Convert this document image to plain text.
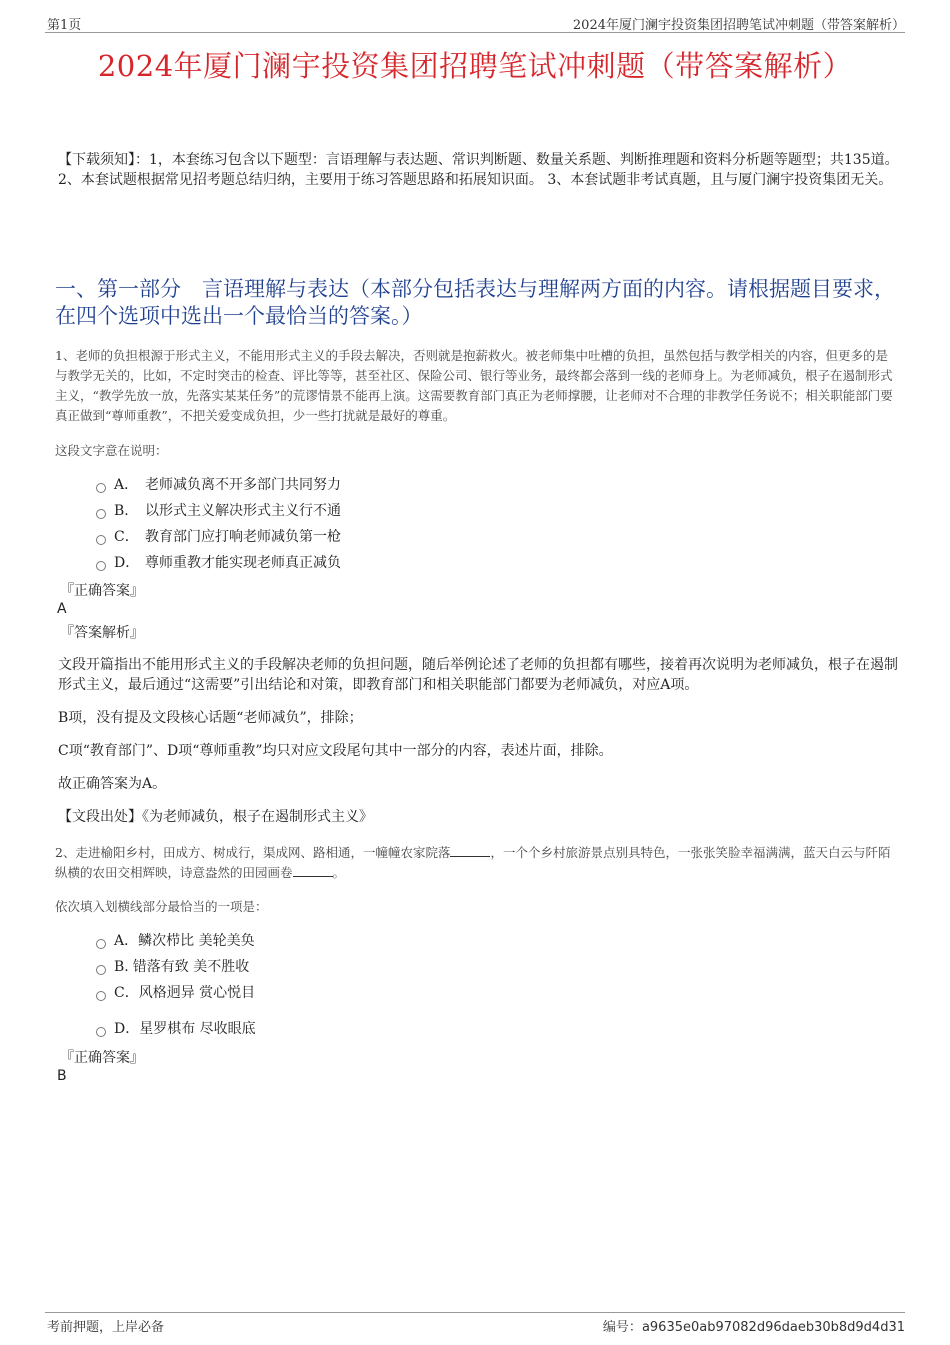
第1页	2024年厦门澜宇投资集团招聘笔试冲刺题（带答案解析）
2024年厦门澜宇投资集团招聘笔试冲刺题（带答案解析）
【下载须知】：1，本套练习包含以下题型：言语理解与表达题、常识判断题、数量关系题、判断推理题和资料分析题等题型；共135道。 2、本套试题根据常见招考题总结归纳，主要用于练习答题思路和拓展知识面。 3、本套试题非考试真题，且与厦门澜宇投资集团无关。
一、第一部分　言语理解与表达（本部分包括表达与理解两方面的内容。请根据题目要求，在四个选项中选出一个最恰当的答案。）
1、老师的负担根源于形式主义，不能用形式主义的手段去解决，否则就是抱薪救火。被老师集中吐槽的负担，虽然包括与教学相关的内容，但更多的是与教学无关的，比如，不定时突击的检查、评比等等，甚至社区、保险公司、银行等业务，最终都会落到一线的老师身上。为老师减负，根子在遏制形式主义，“教学先放一放，先落实某某任务”的荒谬情景不能再上演。这需要教育部门真正为老师撑腰，让老师对不合理的非教学任务说不；相关职能部门要真正做到“尊师重教”，不把关爱变成负担，少一些打扰就是最好的尊重。
这段文字意在说明：
A． 老师减负离不开多部门共同努力
B. 以形式主义解决形式主义行不通
C． 教育部门应打响老师减负第一枪
D． 尊师重教才能实现老师真正减负
『正确答案』
A
『答案解析』
文段开篇指出不能用形式主义的手段解决老师的负担问题，随后举例论述了老师的负担都有哪些，接着再次说明为老师减负，根子在遏制形式主义，最后通过“这需要”引出结论和对策，即教育部门和相关职能部门都要为老师减负，对应A项。
B项，没有提及文段核心话题“老师减负”，排除；
C项“教育部门”、D项“尊师重教”均只对应文段尾句其中一部分的内容，表述片面，排除。
故正确答案为A。
【文段出处】《为老师减负，根子在遏制形式主义》
2、走进榆阳乡村，田成方、树成行，渠成网、路相通，一幢幢农家院落	，一个个乡村旅游景点别具特色，一张张笑脸幸福满满，蓝天白云与阡陌纵横的农田交相辉映，诗意盎然的田园画卷	。
依次填入划横线部分最恰当的一项是：
A．鳞次栉比 美轮美奂
B. 错落有致 美不胜收
C．风格迥异 赏心悦目
D．星罗棋布 尽收眼底
『正确答案』
B
考前押题，上岸必备	编号：a9635e0ab97082d96daeb30b8d9d4d31
